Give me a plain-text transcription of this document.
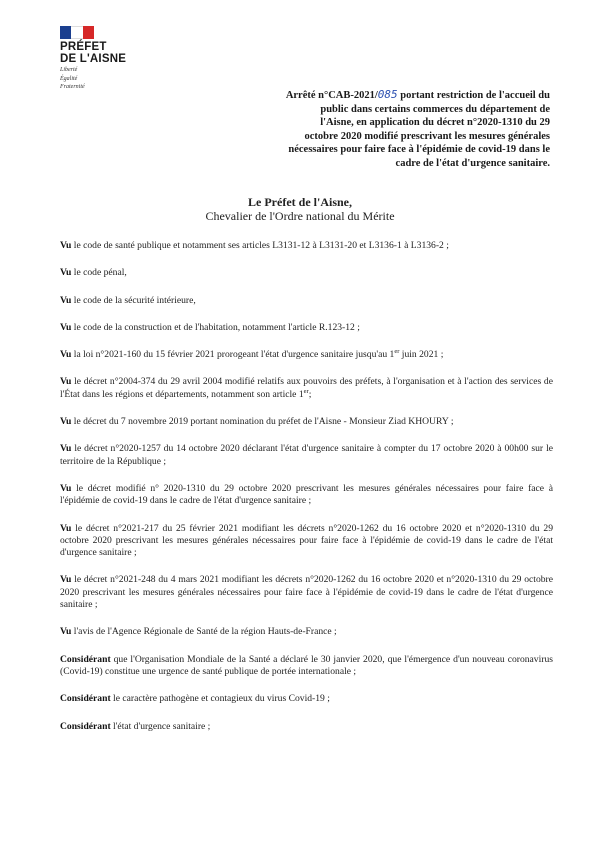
PRÉFET
DE L'AISNE
Liberté
Égalité
Fraternité
Arrêté n°CAB-2021/085 portant restriction de l'accueil du
public dans certains commerces du département de
l'Aisne, en application du décret n°2020-1310 du 29
octobre 2020 modifié prescrivant les mesures générales
nécessaires pour faire face à l'épidémie de covid-19 dans le
cadre de l'état d'urgence sanitaire.
Le Préfet de l'Aisne,
Chevalier de l'Ordre national du Mérite

Vu le code de santé publique et notamment ses articles L3131-12 à L3131-20 et L3136-1 à L3136-2 ;

Vu le code pénal,

Vu le code de la sécurité intérieure,

Vu le code de la construction et de l'habitation, notamment l'article R.123-12 ;

Vu la loi n°2021-160 du 15 février 2021 prorogeant l'état d'urgence sanitaire jusqu'au 1er juin 2021 ;

Vu le décret n°2004-374 du 29 avril 2004 modifié relatifs aux pouvoirs des préfets, à l'organisation et à l'action des services de l'État dans les régions et départements, notamment son article 1er;

Vu le décret du 7 novembre 2019 portant nomination du préfet de l'Aisne - Monsieur Ziad KHOURY ;

Vu le décret n°2020-1257 du 14 octobre 2020 déclarant l'état d'urgence sanitaire à compter du 17 octobre 2020 à 00h00 sur le territoire de la République ;

Vu le décret modifié n° 2020-1310 du 29 octobre 2020 prescrivant les mesures générales nécessaires pour faire face à l'épidémie de covid-19 dans le cadre de l'état d'urgence sanitaire ;

Vu le décret n°2021-217 du 25 février 2021 modifiant les décrets n°2020-1262 du 16 octobre 2020 et n°2020-1310 du 29 octobre 2020 prescrivant les mesures générales nécessaires pour faire face à l'épidémie de covid-19 dans le cadre de l'état d'urgence sanitaire ;

Vu le décret n°2021-248 du 4 mars 2021 modifiant les décrets n°2020-1262 du 16 octobre 2020 et n°2020-1310 du 29 octobre 2020 prescrivant les mesures générales nécessaires pour faire face à l'épidémie de covid-19 dans le cadre de l'état d'urgence sanitaire ;

Vu l'avis de l'Agence Régionale de Santé de la région Hauts-de-France ;

Considérant que l'Organisation Mondiale de la Santé a déclaré le 30 janvier 2020, que l'émergence d'un nouveau coronavirus (Covid-19) constitue une urgence de santé publique de portée internationale ;

Considérant le caractère pathogène et contagieux du virus Covid-19 ;

Considérant l'état d'urgence sanitaire ;
